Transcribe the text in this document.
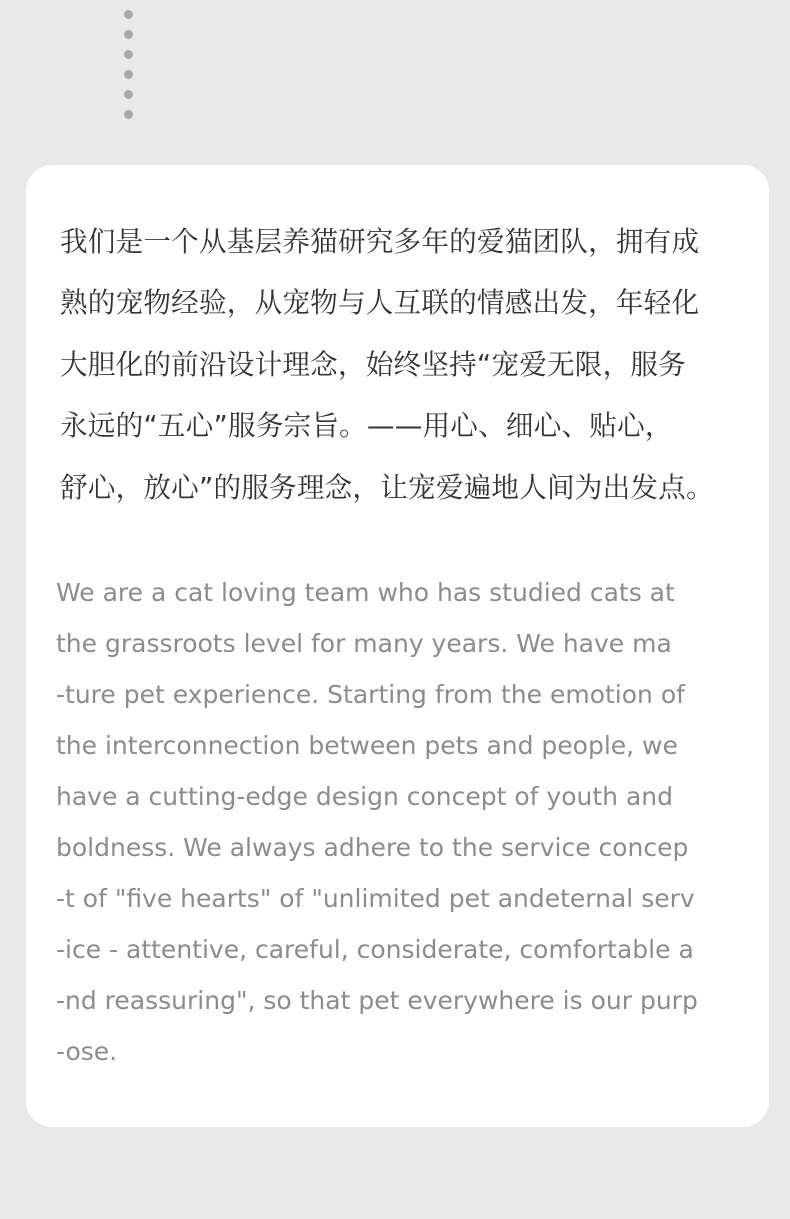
我们是一个从基层养猫研究多年的爱猫团队，拥有成
熟的宠物经验，从宠物与人互联的情感出发，年轻化
大胆化的前沿设计理念，始终坚持“宠爱无限，服务
永远的“五心”服务宗旨。——用心、细心、贴心，
舒心，放心”的服务理念，让宠爱遍地人间为出发点。

We are a cat loving team who has studied cats at
the grassroots level for many years. We have ma
-ture pet experience. Starting from the emotion of
the interconnection between pets and people, we
have a cutting-edge design concept of youth and
boldness. We always adhere to the service concep
-t of "five hearts" of "unlimited pet andeternal serv
-ice - attentive, careful, considerate, comfortable a
-nd reassuring", so that pet everywhere is our purp
-ose.
